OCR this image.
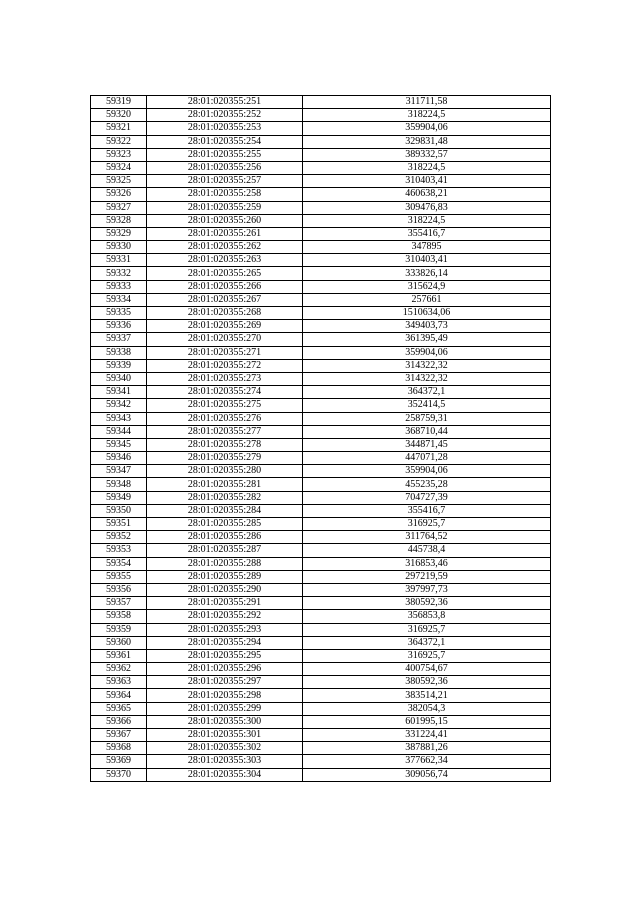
59319	28:01:020355:251	311711,58
59320	28:01:020355:252	318224,5
59321	28:01:020355:253	359904,06
59322	28:01:020355:254	329831,48
59323	28:01:020355:255	389332,57
59324	28:01:020355:256	318224,5
59325	28:01:020355:257	310403,41
59326	28:01:020355:258	460638,21
59327	28:01:020355:259	309476,83
59328	28:01:020355:260	318224,5
59329	28:01:020355:261	355416,7
59330	28:01:020355:262	347895
59331	28:01:020355:263	310403,41
59332	28:01:020355:265	333826,14
59333	28:01:020355:266	315624,9
59334	28:01:020355:267	257661
59335	28:01:020355:268	1510634,06
59336	28:01:020355:269	349403,73
59337	28:01:020355:270	361395,49
59338	28:01:020355:271	359904,06
59339	28:01:020355:272	314322,32
59340	28:01:020355:273	314322,32
59341	28:01:020355:274	364372,1
59342	28:01:020355:275	352414,5
59343	28:01:020355:276	258759,31
59344	28:01:020355:277	368710,44
59345	28:01:020355:278	344871,45
59346	28:01:020355:279	447071,28
59347	28:01:020355:280	359904,06
59348	28:01:020355:281	455235,28
59349	28:01:020355:282	704727,39
59350	28:01:020355:284	355416,7
59351	28:01:020355:285	316925,7
59352	28:01:020355:286	311764,52
59353	28:01:020355:287	445738,4
59354	28:01:020355:288	316853,46
59355	28:01:020355:289	297219,59
59356	28:01:020355:290	397997,73
59357	28:01:020355:291	380592,36
59358	28:01:020355:292	356853,8
59359	28:01:020355:293	316925,7
59360	28:01:020355:294	364372,1
59361	28:01:020355:295	316925,7
59362	28:01:020355:296	400754,67
59363	28:01:020355:297	380592,36
59364	28:01:020355:298	383514,21
59365	28:01:020355:299	382054,3
59366	28:01:020355:300	601995,15
59367	28:01:020355:301	331224,41
59368	28:01:020355:302	387881,26
59369	28:01:020355:303	377662,34
59370	28:01:020355:304	309056,74
